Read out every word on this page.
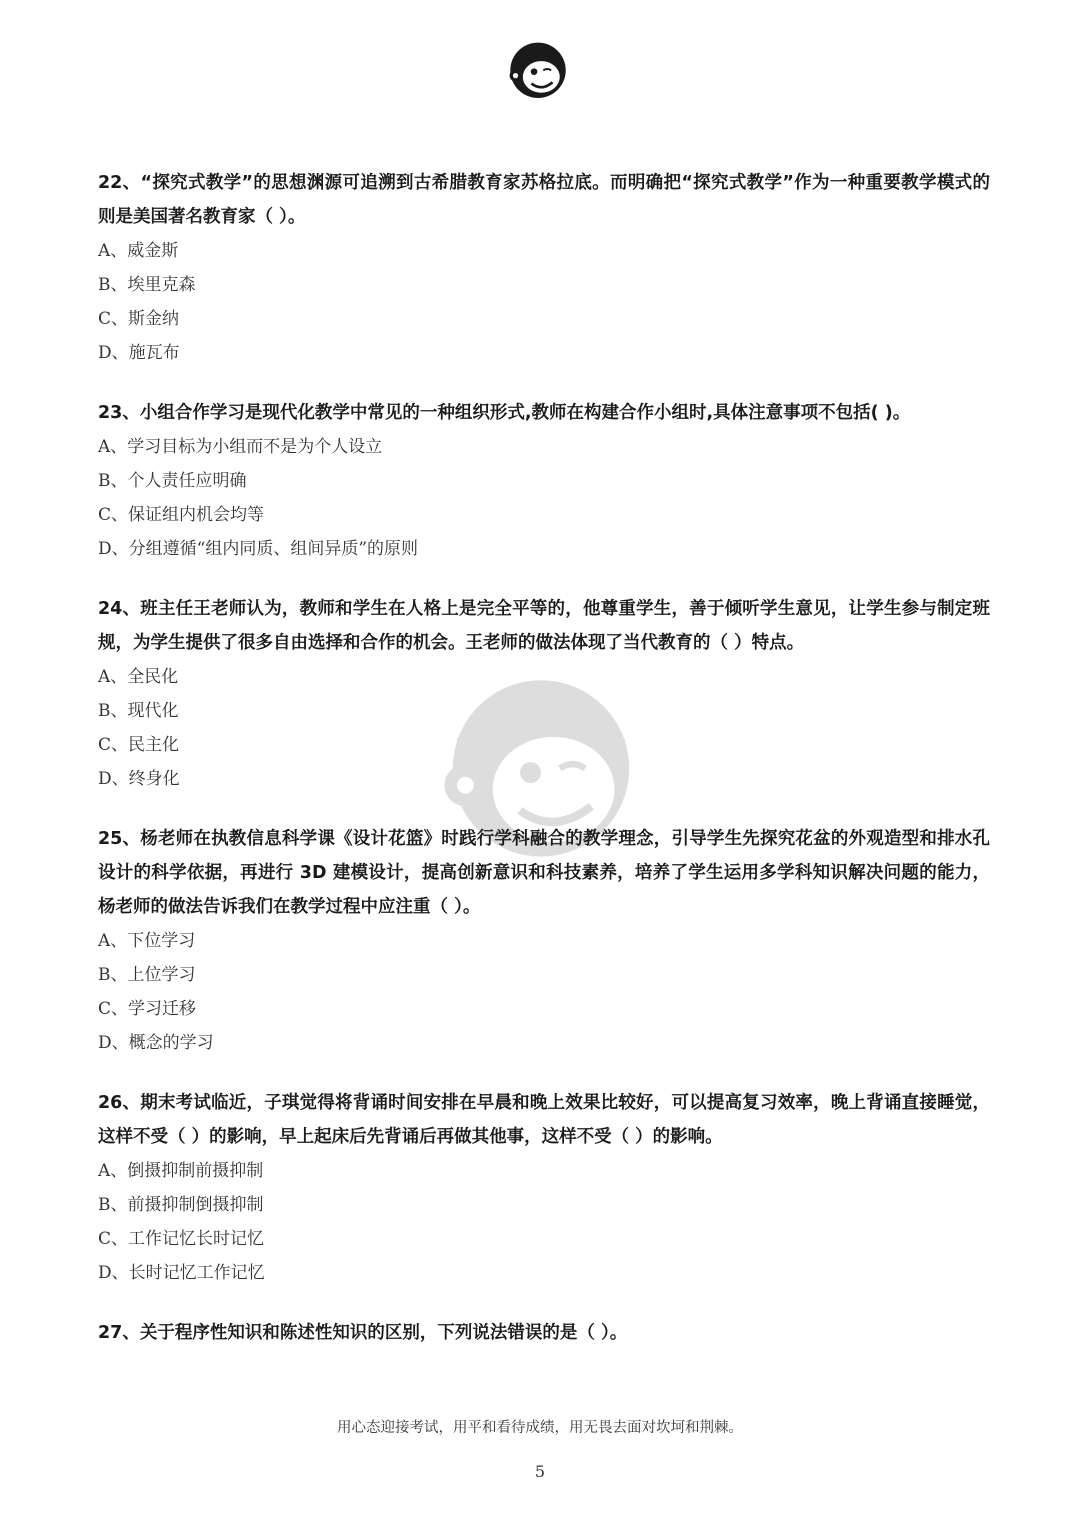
22、“探究式教学”的思想渊源可追溯到古希腊教育家苏格拉底。而明确把“探究式教学”作为一种重要教学模式的则是美国著名教育家（ ）。

A、威金斯
B、埃里克森
C、斯金纳
D、施瓦布

23、小组合作学习是现代化教学中常见的一种组织形式,教师在构建合作小组时,具体注意事项不包括( )。

A、学习目标为小组而不是为个人设立
B、个人责任应明确
C、保证组内机会均等
D、分组遵循“组内同质、组间异质”的原则

24、班主任王老师认为，教师和学生在人格上是完全平等的，他尊重学生，善于倾听学生意见，让学生参与制定班规，为学生提供了很多自由选择和合作的机会。王老师的做法体现了当代教育的（ ）特点。

A、全民化
B、现代化
C、民主化
D、终身化

25、杨老师在执教信息科学课《设计花篮》时践行学科融合的教学理念，引导学生先探究花盆的外观造型和排水孔设计的科学依据，再进行 3D 建模设计，提高创新意识和科技素养，培养了学生运用多学科知识解决问题的能力，杨老师的做法告诉我们在教学过程中应注重（ ）。

A、下位学习
B、上位学习
C、学习迁移
D、概念的学习

26、期末考试临近，子琪觉得将背诵时间安排在早晨和晚上效果比较好，可以提高复习效率，晚上背诵直接睡觉，这样不受（ ）的影响，早上起床后先背诵后再做其他事，这样不受（ ）的影响。

A、倒摄抑制前摄抑制
B、前摄抑制倒摄抑制
C、工作记忆长时记忆
D、长时记忆工作记忆

27、关于程序性知识和陈述性知识的区别，下列说法错误的是（ ）。

用心态迎接考试，用平和看待成绩，用无畏去面对坎坷和荆棘。
5
